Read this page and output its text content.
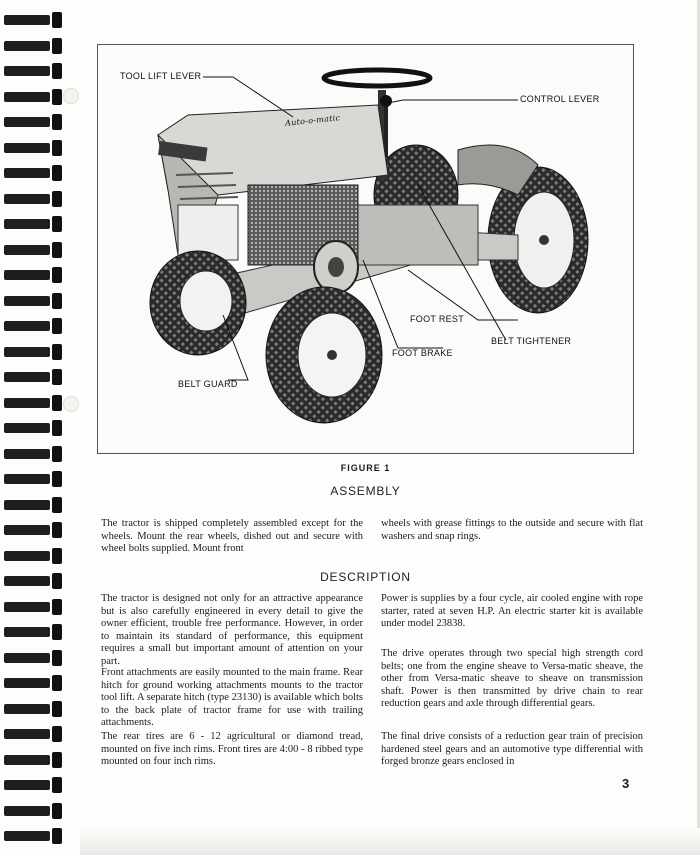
TOOL LIFT LEVER
CONTROL LEVER
FOOT REST
BELT TIGHTENER
FOOT BRAKE
BELT GUARD
Auto-o-matic
FIGURE 1
ASSEMBLY

The tractor is shipped completely assembled except for the wheels. Mount the rear wheels, dished out and secure with wheel bolts supplied. Mount front

wheels with grease fittings to the outside and secure with flat washers and snap rings.

DESCRIPTION

The tractor is designed not only for an attractive appearance but is also carefully engineered in every detail to give the owner efficient, trouble free performance. However, in order to maintain its standard of performance, this equipment requires a small but important amount of attention on your part.

Front attachments are easily mounted to the main frame. Rear hitch for ground working attachments mounts to the tractor tool lift. A separate hitch (type 23130) is available which bolts to the back plate of tractor frame for use with trailing attachments.

The rear tires are 6 - 12 agricultural or diamond tread, mounted on five inch rims. Front tires are 4:00 - 8 ribbed type mounted on four inch rims.

Power is supplies by a four cycle, air cooled engine with rope starter, rated at seven H.P. An electric starter kit is available under model 23838.

The drive operates through two special high strength cord belts; one from the engine sheave to Versa-matic sheave, the other from Versa-matic sheave to sheave on transmission shaft. Power is then transmitted by drive chain to rear reduction gears and axle through differential gears.

The final drive consists of a reduction gear train of precision hardened steel gears and an automotive type differential with forged bronze gears enclosed in

3
